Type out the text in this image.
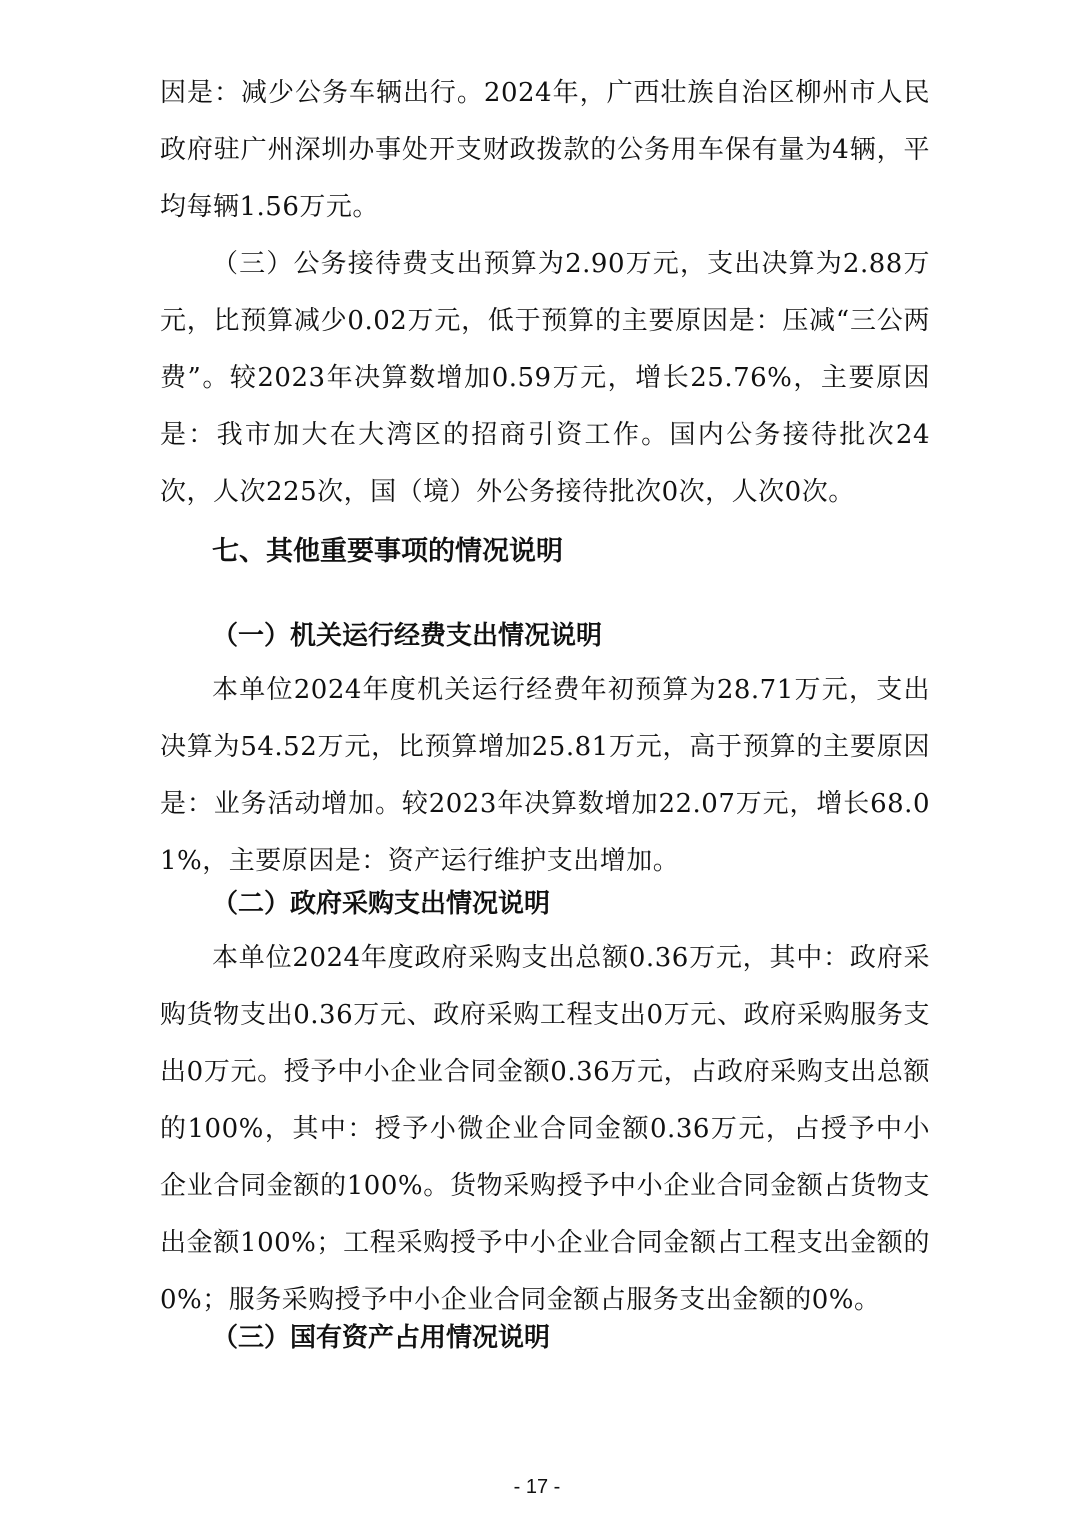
因是：减少公务车辆出行。2024年，广西壮族自治区柳州市人民政府驻广州深圳办事处开支财政拨款的公务用车保有量为4辆，平均每辆1.56万元。

（三）公务接待费支出预算为2.90万元，支出决算为2.88万元，比预算减少0.02万元，低于预算的主要原因是：压减“三公两费”。较2023年决算数增加0.59万元，增长25.76%，主要原因是：我市加大在大湾区的招商引资工作。国内公务接待批次24次，人次225次，国（境）外公务接待批次0次，人次0次。

七、其他重要事项的情况说明
（一）机关运行经费支出情况说明

本单位2024年度机关运行经费年初预算为28.71万元，支出决算为54.52万元，比预算增加25.81万元，高于预算的主要原因是：业务活动增加。较2023年决算数增加22.07万元，增长68.01%，主要原因是：资产运行维护支出增加。

（二）政府采购支出情况说明

本单位2024年度政府采购支出总额0.36万元，其中：政府采购货物支出0.36万元、政府采购工程支出0万元、政府采购服务支出0万元。授予中小企业合同金额0.36万元，占政府采购支出总额的100%，其中：授予小微企业合同金额0.36万元，占授予中小企业合同金额的100%。货物采购授予中小企业合同金额占货物支出金额100%；工程采购授予中小企业合同金额占工程支出金额的0%；服务采购授予中小企业合同金额占服务支出金额的0%。

（三）国有资产占用情况说明
- 17 -
